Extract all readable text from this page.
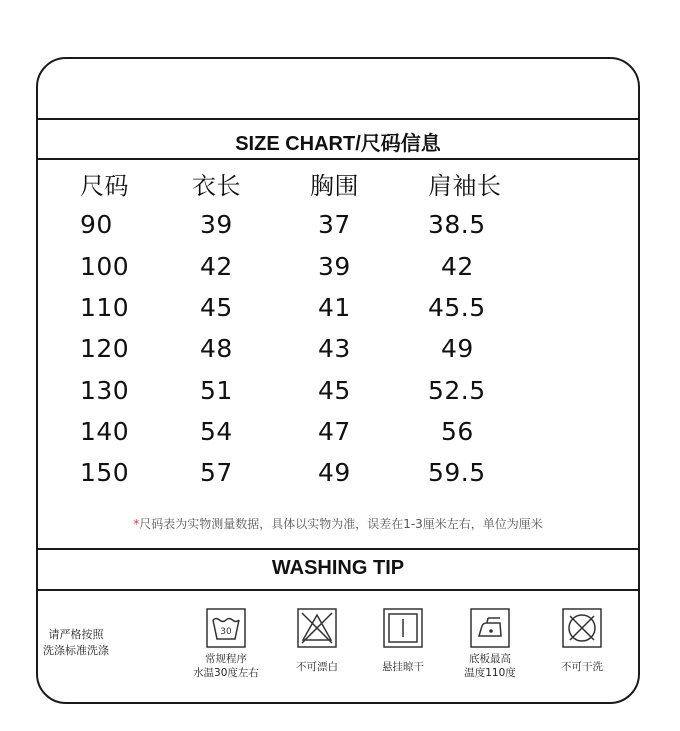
SIZE CHART/尺码信息
尺码	衣长	胸围	肩袖长
90	39	37	38.5
100	42	39	42
110	45	41	45.5
120	48	43	49
130	51	45	52.5
140	54	47	56
150	57	49	59.5
*尺码表为实物测量数据，具体以实物为准，误差在1-3厘米左右，单位为厘米
WASHING TIP
请严格按照
洗涤标准洗涤
30
常规程序
水温30度左右	不可漂白	悬挂晾干
底板最高
温度110度	不可干洗
